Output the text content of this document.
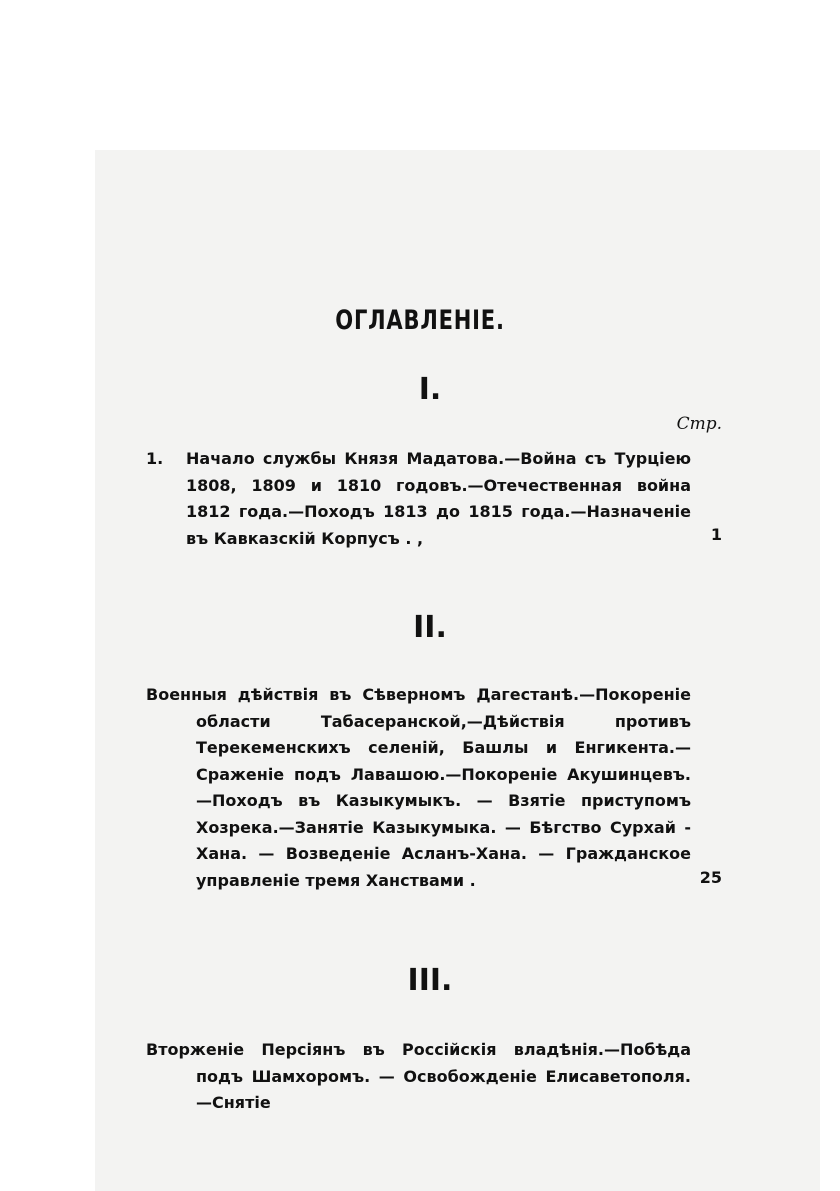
ОГЛАВЛЕНІЕ.
I.
Стр.
1. Начало службы Князя Мадатова.—Война съ Турціею 1808, 1809 и 1810 годовъ.—Отечественная война 1812 года.—Походъ 1813 до 1815 года.—Назначеніе въ Кавказскій Корпусъ . ,	1
II.

Военныя дѣйствія въ Сѣверномъ Дагестанѣ.—Покореніе области Табасеранской,—Дѣйствія противъ Терекеменскихъ селеній, Башлы и Енгикента.—Сраженіе подъ Лавашою.—Покореніе Акушинцевъ.—Походъ въ Казыкумыкъ. — Взятіе приступомъ Хозрека.—Занятіе Казыкумыка. — Бѣгство Сурхай - Хана. — Возведеніе Асланъ-Хана. — Гражданское управленіе тремя Ханствами .	25
III.

Вторженіе Персіянъ въ Россійскія владѣнія.—Побѣда подъ Шамхоромъ. — Освобожденіе Елисаветополя.—Снятіе
